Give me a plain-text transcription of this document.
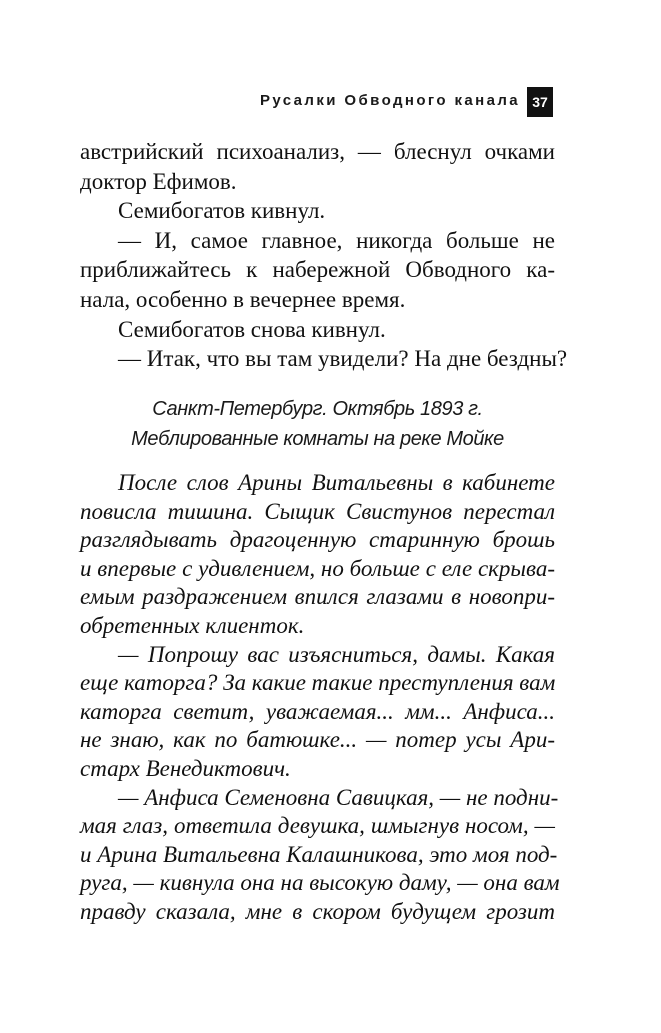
Русалки Обводного канала 37
австрийский психоанализ, — блеснул очками
доктор Ефимов.
Семибогатов кивнул.
— И, самое главное, никогда больше не
приближайтесь к набережной Обводного ка-
нала, особенно в вечернее время.
Семибогатов снова кивнул.
— Итак, что вы там увидели? На дне бездны?
Санкт-Петербург. Октябрь 1893 г.
Меблированные комнаты на реке Мойке
После слов Арины Витальевны в кабинете
повисла тишина. Сыщик Свистунов перестал
разглядывать драгоценную старинную брошь
и впервые с удивлением, но больше с еле скрыва-
емым раздражением впился глазами в новопри-
обретенных клиенток.
— Попрошу вас изъясниться, дамы. Какая
еще каторга? За какие такие преступления вам
каторга светит, уважаемая... мм... Анфиса...
не знаю, как по батюшке... — потер усы Ари-
старх Венедиктович.
— Анфиса Семеновна Савицкая, — не подни-
мая глаз, ответила девушка, шмыгнув носом, —
и Арина Витальевна Калашникова, это моя под-
руга, — кивнула она на высокую даму, — она вам
правду сказала, мне в скором будущем грозит
